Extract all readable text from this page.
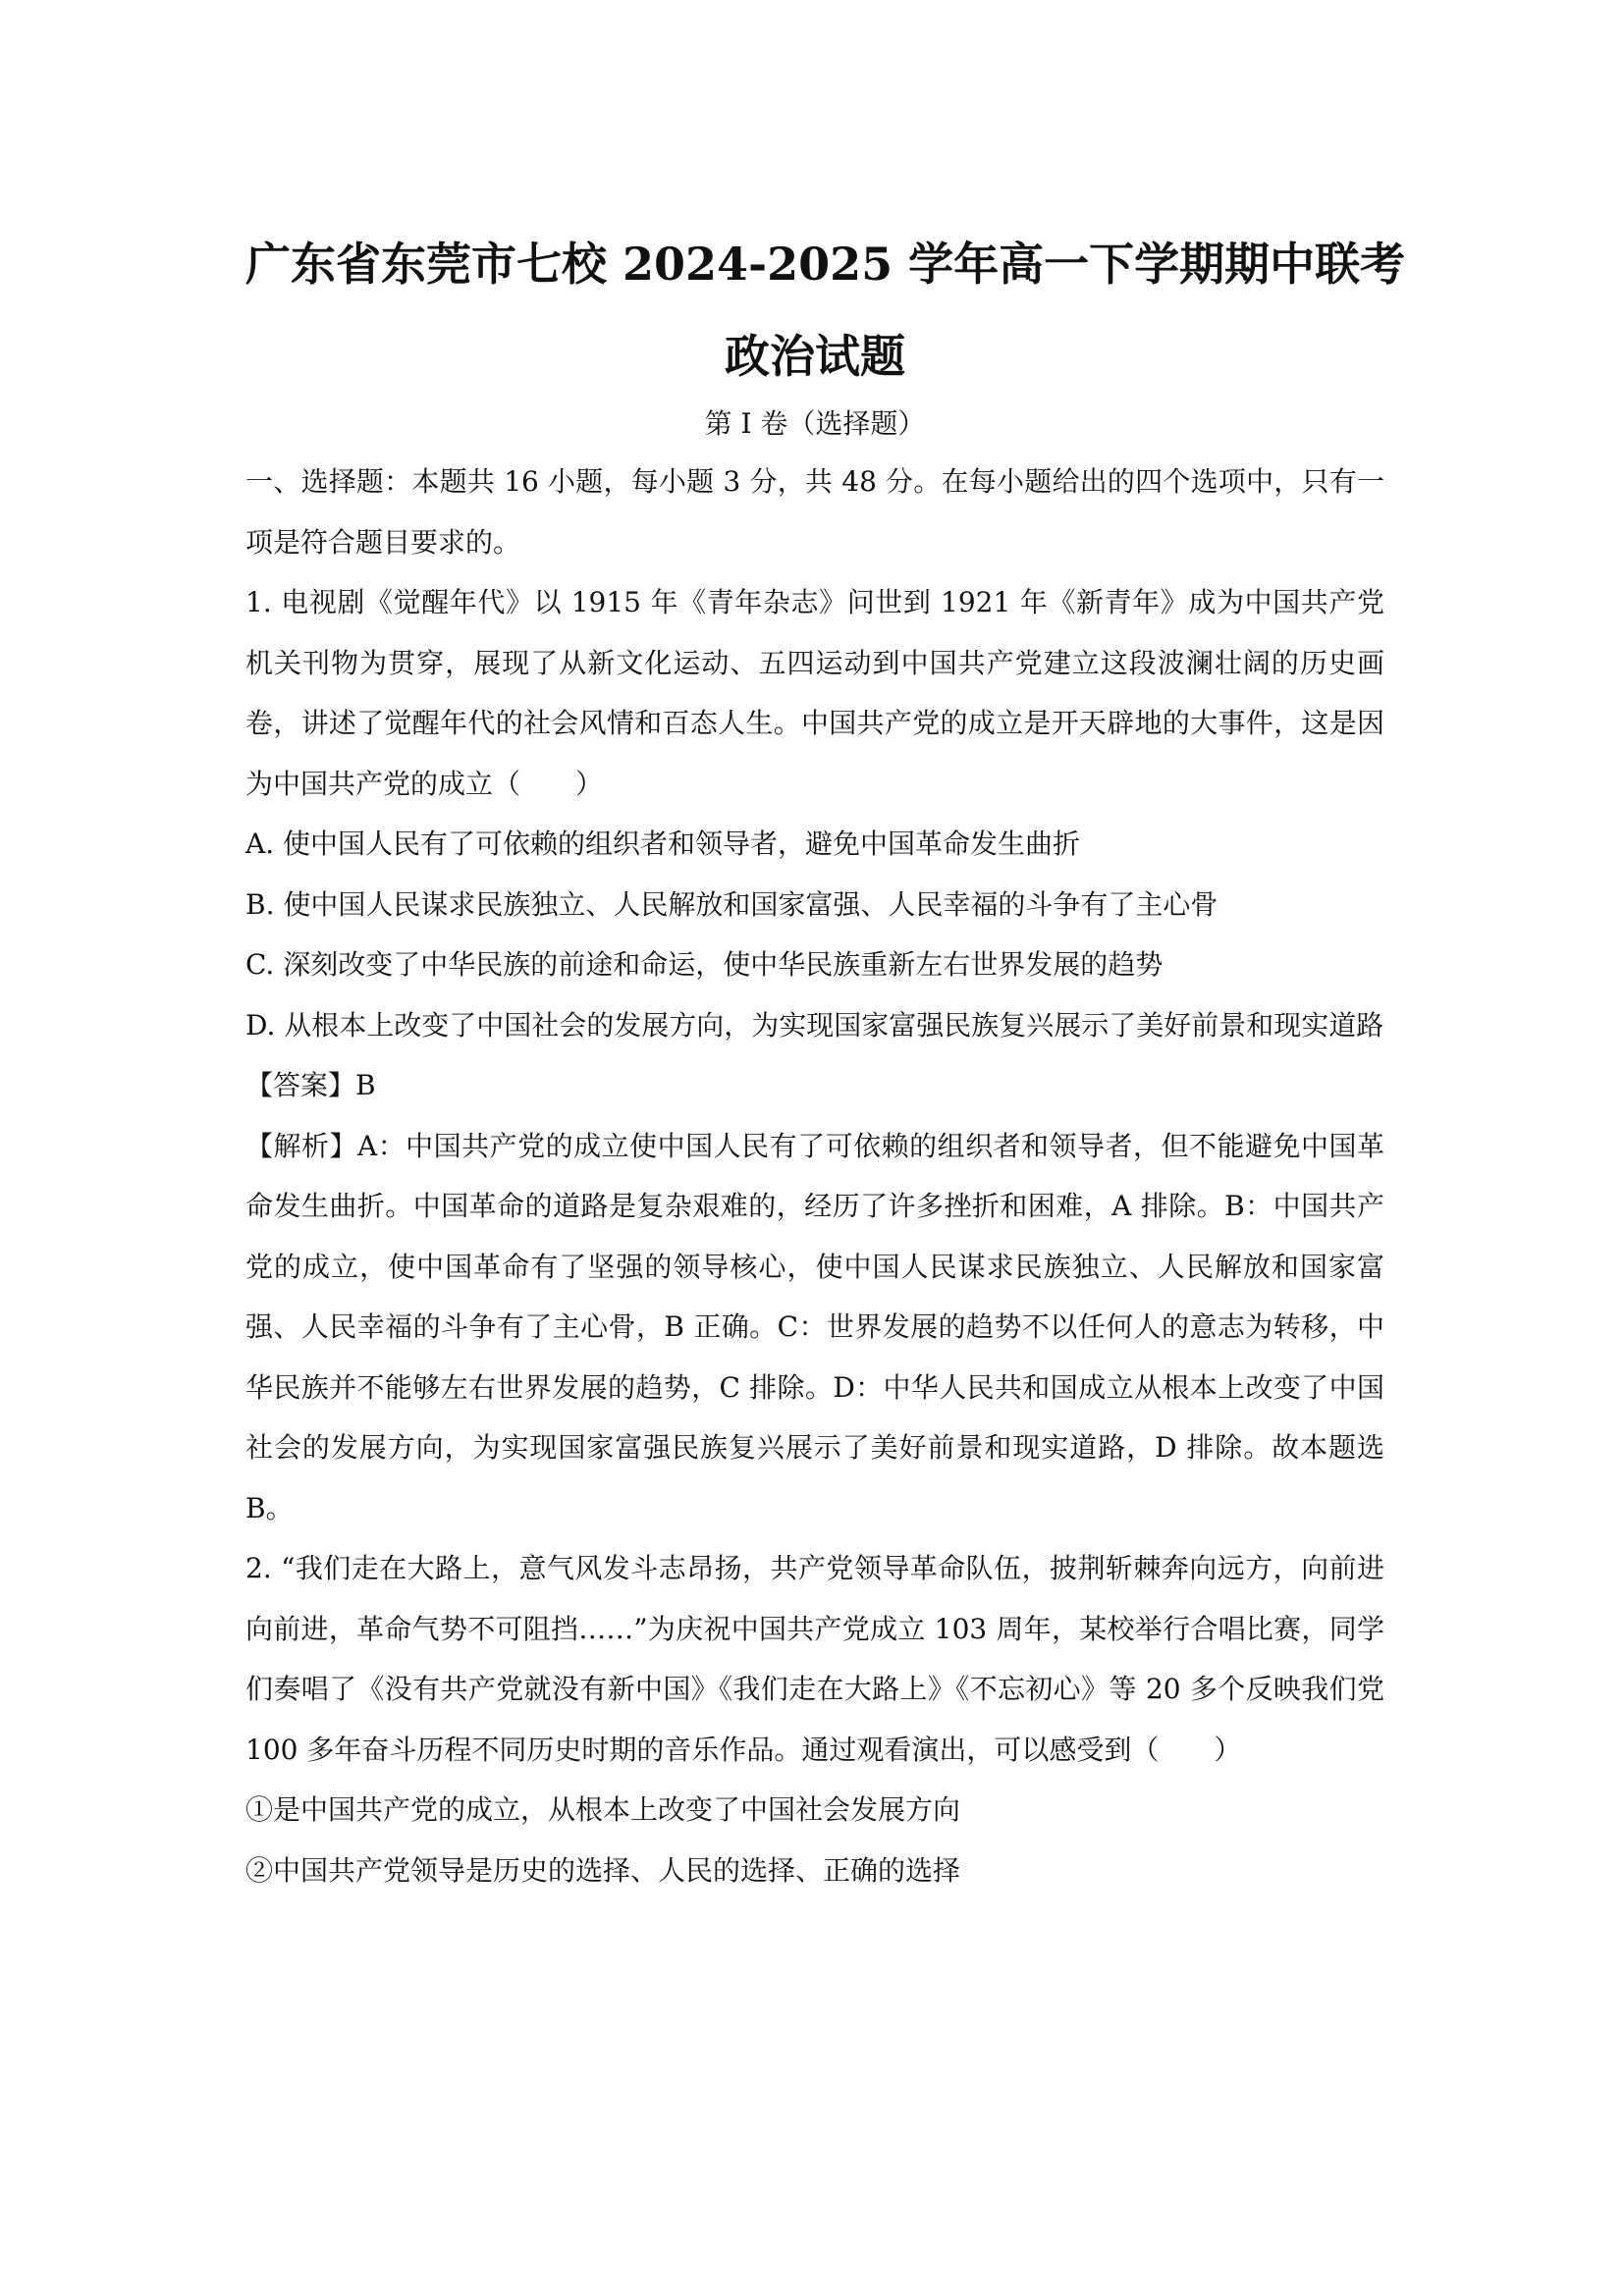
广东省东莞市七校 2024-2025 学年高一下学期期中联考
政治试题
第 I 卷（选择题）

一、选择题：本题共 16 小题，每小题 3 分，共 48 分。在每小题给出的四个选项中，只有一项是符合题目要求的。

1. 电视剧《觉醒年代》以 1915 年《青年杂志》问世到 1921 年《新青年》成为中国共产党机关刊物为贯穿，展现了从新文化运动、五四运动到中国共产党建立这段波澜壮阔的历史画卷，讲述了觉醒年代的社会风情和百态人生。中国共产党的成立是开天辟地的大事件，这是因为中国共产党的成立（　　）

A. 使中国人民有了可依赖的组织者和领导者，避免中国革命发生曲折

B. 使中国人民谋求民族独立、人民解放和国家富强、人民幸福的斗争有了主心骨

C. 深刻改变了中华民族的前途和命运，使中华民族重新左右世界发展的趋势

D. 从根本上改变了中国社会的发展方向，为实现国家富强民族复兴展示了美好前景和现实道路

【答案】B

【解析】A：中国共产党的成立使中国人民有了可依赖的组织者和领导者，但不能避免中国革命发生曲折。中国革命的道路是复杂艰难的，经历了许多挫折和困难，A 排除。B：中国共产党的成立，使中国革命有了坚强的领导核心，使中国人民谋求民族独立、人民解放和国家富强、人民幸福的斗争有了主心骨，B 正确。C：世界发展的趋势不以任何人的意志为转移，中华民族并不能够左右世界发展的趋势，C 排除。D：中华人民共和国成立从根本上改变了中国社会的发展方向，为实现国家富强民族复兴展示了美好前景和现实道路，D 排除。故本题选 B。

2. “我们走在大路上，意气风发斗志昂扬，共产党领导革命队伍，披荆斩棘奔向远方，向前进向前进，革命气势不可阻挡……”为庆祝中国共产党成立 103 周年，某校举行合唱比赛，同学们奏唱了《没有共产党就没有新中国》《我们走在大路上》《不忘初心》等 20 多个反映我们党 100 多年奋斗历程不同历史时期的音乐作品。通过观看演出，可以感受到（　　）

①是中国共产党的成立，从根本上改变了中国社会发展方向

②中国共产党领导是历史的选择、人民的选择、正确的选择
